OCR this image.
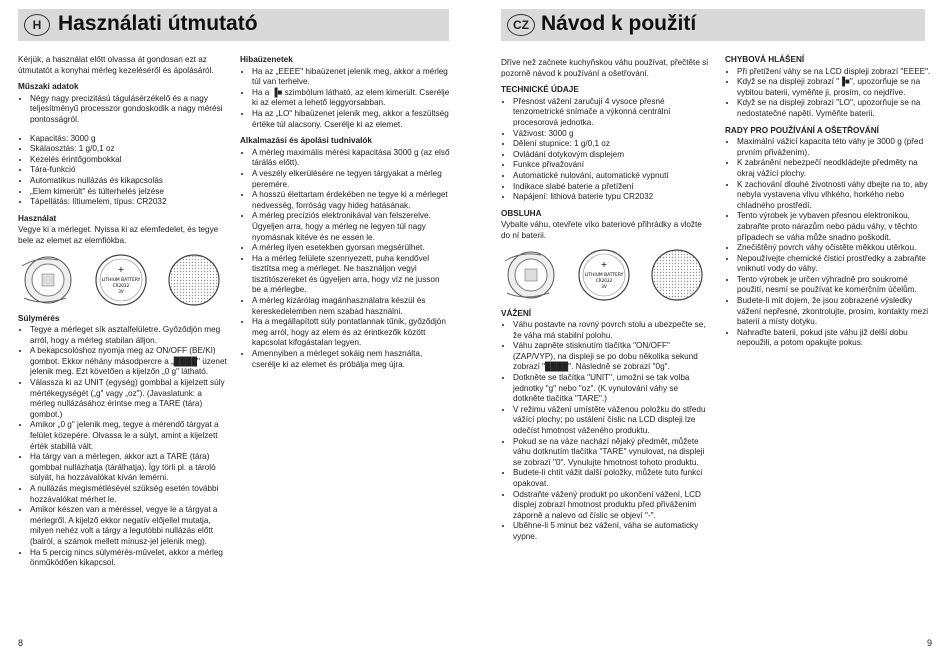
H Használati útmutató

Kérjük, a használat előtt olvassa át gondosan ezt az útmutatót a konyhai mérleg kezeléséről és ápolásáról.

Műszaki adatok
• Négy nagy precizitású tágulásérzékelő és a nagy teljesítményű processzor gondoskodik a nagy mérési pontosságról.
• Kapacitás: 3000 g
• Skálaosztás: 1 g/0,1 oz
• Kezelés érintőgombokkal
• Tára-funkció
• Automatikus nullázás és kikapcsolás
• „Elem kimerült" és túlterhelés jelzése
• Tápellátás: lítiumelem, típus: CR2032
Használat

Vegye ki a mérleget. Nyissa ki az elemfedelet, és tegye bele az elemet az elemfiókba.

+
LITHIUM BATTERY
CR2032
3V
Súlymérés
• Tegye a mérleget sík asztalfelületre. Győződjön meg arról, hogy a mérleg stabilan álljon.
• A bekapcsolóshoz nyomja meg az ON/OFF (BE/KI) gombot. Ekkor néhány másodpercre a „████" üzenet jelenik meg. Ezt követően a kijelzőn „0 g" látható.
• Válassza ki az UNIT (egység) gombbal a kijelzett súly mértékegységét („g" vagy „oz"). (Javaslatunk: a mérleg nullázásához érintse meg a TARE (tára) gombot.)
• Amikor „0 g" jelenik meg, tegye a mérendő tárgyat a felület közepére. Olvassa le a súlyt, amint a kijelzett érték stabillá vált.
• Ha tárgy van a mérlegen, akkor azt a TARE (tára) gombbal nullázhatja (tárálhatja). Így törli pl. a tároló súlyát, ha hozzávalókat kíván lemérni.
• A nullázás megismétlésével szükség esetén további hozzávalókat mérhet le.
• Amikor készen van a méréssel, vegye le a tárgyat a mérlegről. A kijelző ekkor negatív előjellel mutatja, milyen nehéz volt a tárgy a legutóbbi nullázás előtt (balról, a számok mellett mínusz-jel jelenik meg).
• Ha 5 percig nincs súlymérés-művelet, akkor a mérleg önműködően kikapcsol.
Hibaüzenetek
• Ha az „EEEE" hibaüzenet jelenik meg, akkor a mérleg túl van terhelve.
• Ha a ▐■ szimbólum látható, az elem kimerült. Cserélje ki az elemet a lehető leggyorsabban.
• Ha az „LO" hibaüzenet jelenik meg, akkor a feszültség értéke túl alacsony. Cserélje ki az elemet.
Alkalmazási és ápolási tudnivalók
• A mérleg maximális mérési kapacitása 3000 g (az első tárálás előtt).
• A veszély elkerülésére ne tegyen tárgyakat a mérleg peremére.
• A hosszú élettartam érdekében ne tegye ki a mérleget nedvesség, forróság vagy hideg hatásának.
• A mérleg precíziós elektronikával van felszerelve. Ügyeljen arra, hogy a mérleg ne legyen túl nagy nyomásnak kitéve és ne essen le.
• A mérleg ilyen esetekben gyorsan megsérülhet.
• Ha a mérleg felülete szennyezett, puha kendővel tisztítsa meg a mérleget. Ne használjon vegyi tisztítószereket és ügyeljen arra, hogy víz ne jusson be a mérlegbe.
• A mérleg kizárólag magánhasználatra készül és kereskedelemben nem szabad használni.
• Ha a megállapított súly pontatlannak tűnik, győződjön meg arról, hogy az elem és az érintkezők között kapcsolat kifogástalan legyen.
• Amennyiben a mérleget sokáig nem használta, cserélje ki az elemet és próbálja meg újra.
8
CZ Návod k použití

Dříve než začnete kuchyňskou váhu používat, přečtěte si pozorně návod k používání a ošetřování.

TECHNICKÉ ÚDAJE
• Přesnost vážení zaručují 4 vysoce přesné tenzometrické snímače a výkonná centrální procesorová jednotka.
• Váživost: 3000 g
• Dělení stupnice: 1 g/0,1 oz
• Ovládání dotykovým displejem
• Funkce přivažování
• Automatické nulování, automatické vypnutí
• Indikace slabé baterie a přetížení
• Napájení: lithiová baterie typu CR2032
OBSLUHA

Vybalte váhu, otevřete víko bateriové přihrádky a vložte do ní baterii.

+
LITHIUM BATTERY
CR2032
3V
VÁŽENÍ
• Váhu postavte na rovný povrch stolu a ubezpečte se, že váha má stabilní polohu.
• Váhu zapněte stisknutím tlačítka "ON/OFF" (ZAP/VYP), na displeji se po dobu několika sekund zobrazí "████". Následně se zobrazí "0g".
• Dotkněte se tlačítka "UNIT", umožní se tak volba jednotky "g" nebo "oz". (K vynulování váhy se dotkněte tlačítka "TARE".)
• V režimu vážení umístěte váženou položku do středu vážící plochy; po ustálení číslic na LCD displeji lze odečíst hmotnost váženého produktu.
• Pokud se na váze nachází nějaký předmět, můžete váhu dotknutím tlačítka "TARE" vynulovat, na displeji se zobrazí "0". Vynulujte hmotnost tohoto produktu.
• Budete-li chtít vážit další položky, můžete tuto funkci opakovat.
• Odstraňte vážený produkt po ukončení vážení, LCD displej zobrazí hmotnost produktu před přivážením záporně a nalevo od číslic se objeví "-".
• Uběhne-li 5 minut bez vážení, váha se automaticky vypne.
CHYBOVÁ HLÁŠENÍ
• Při přetížení váhy se na LCD displeji zobrazí "EEEE".
• Když se na displeji zobrazí "▐■", upozorňuje se na vybitou baterii, vyměňte ji, prosím, co nejdříve.
• Když se na displeji zobrazí "LO", upozorňuje se na nedostatečné napětí. Vyměňte baterii.
RADY PRO POUŽÍVÁNÍ A OŠETŘOVÁNÍ
• Maximální vážicí kapacita této váhy je 3000 g (před prvním přivážením).
• K zabránění nebezpečí neodkládejte předměty na okraj vážící plochy.
• K zachování dlouhé životnosti váhy dbejte na to, aby nebyla vystavena vlivu vlhkého, horkého nebo chladného prostředí.
• Tento výrobek je vybaven přesnou elektronikou, zabraňte proto nárazům nebo pádu váhy, v těchto případech se váha může snadno poškodit.
• Znečištěný povrch váhy očistěte měkkou utěrkou.
• Nepoužívejte chemické čisticí prostředky a zabraňte vniknutí vody do váhy.
• Tento výrobek je určen výhradně pro soukromé použití, nesmí se používat ke komerčním účelům.
• Budete-li mít dojem, že jsou zobrazené výsledky vážení nepřesné, zkontrolujte, prosím, kontakty mezi baterií a místy dotyku.
• Nahraďte baterii, pokud jste váhu již delší dobu nepoužili, a potom opakujte pokus.
9
